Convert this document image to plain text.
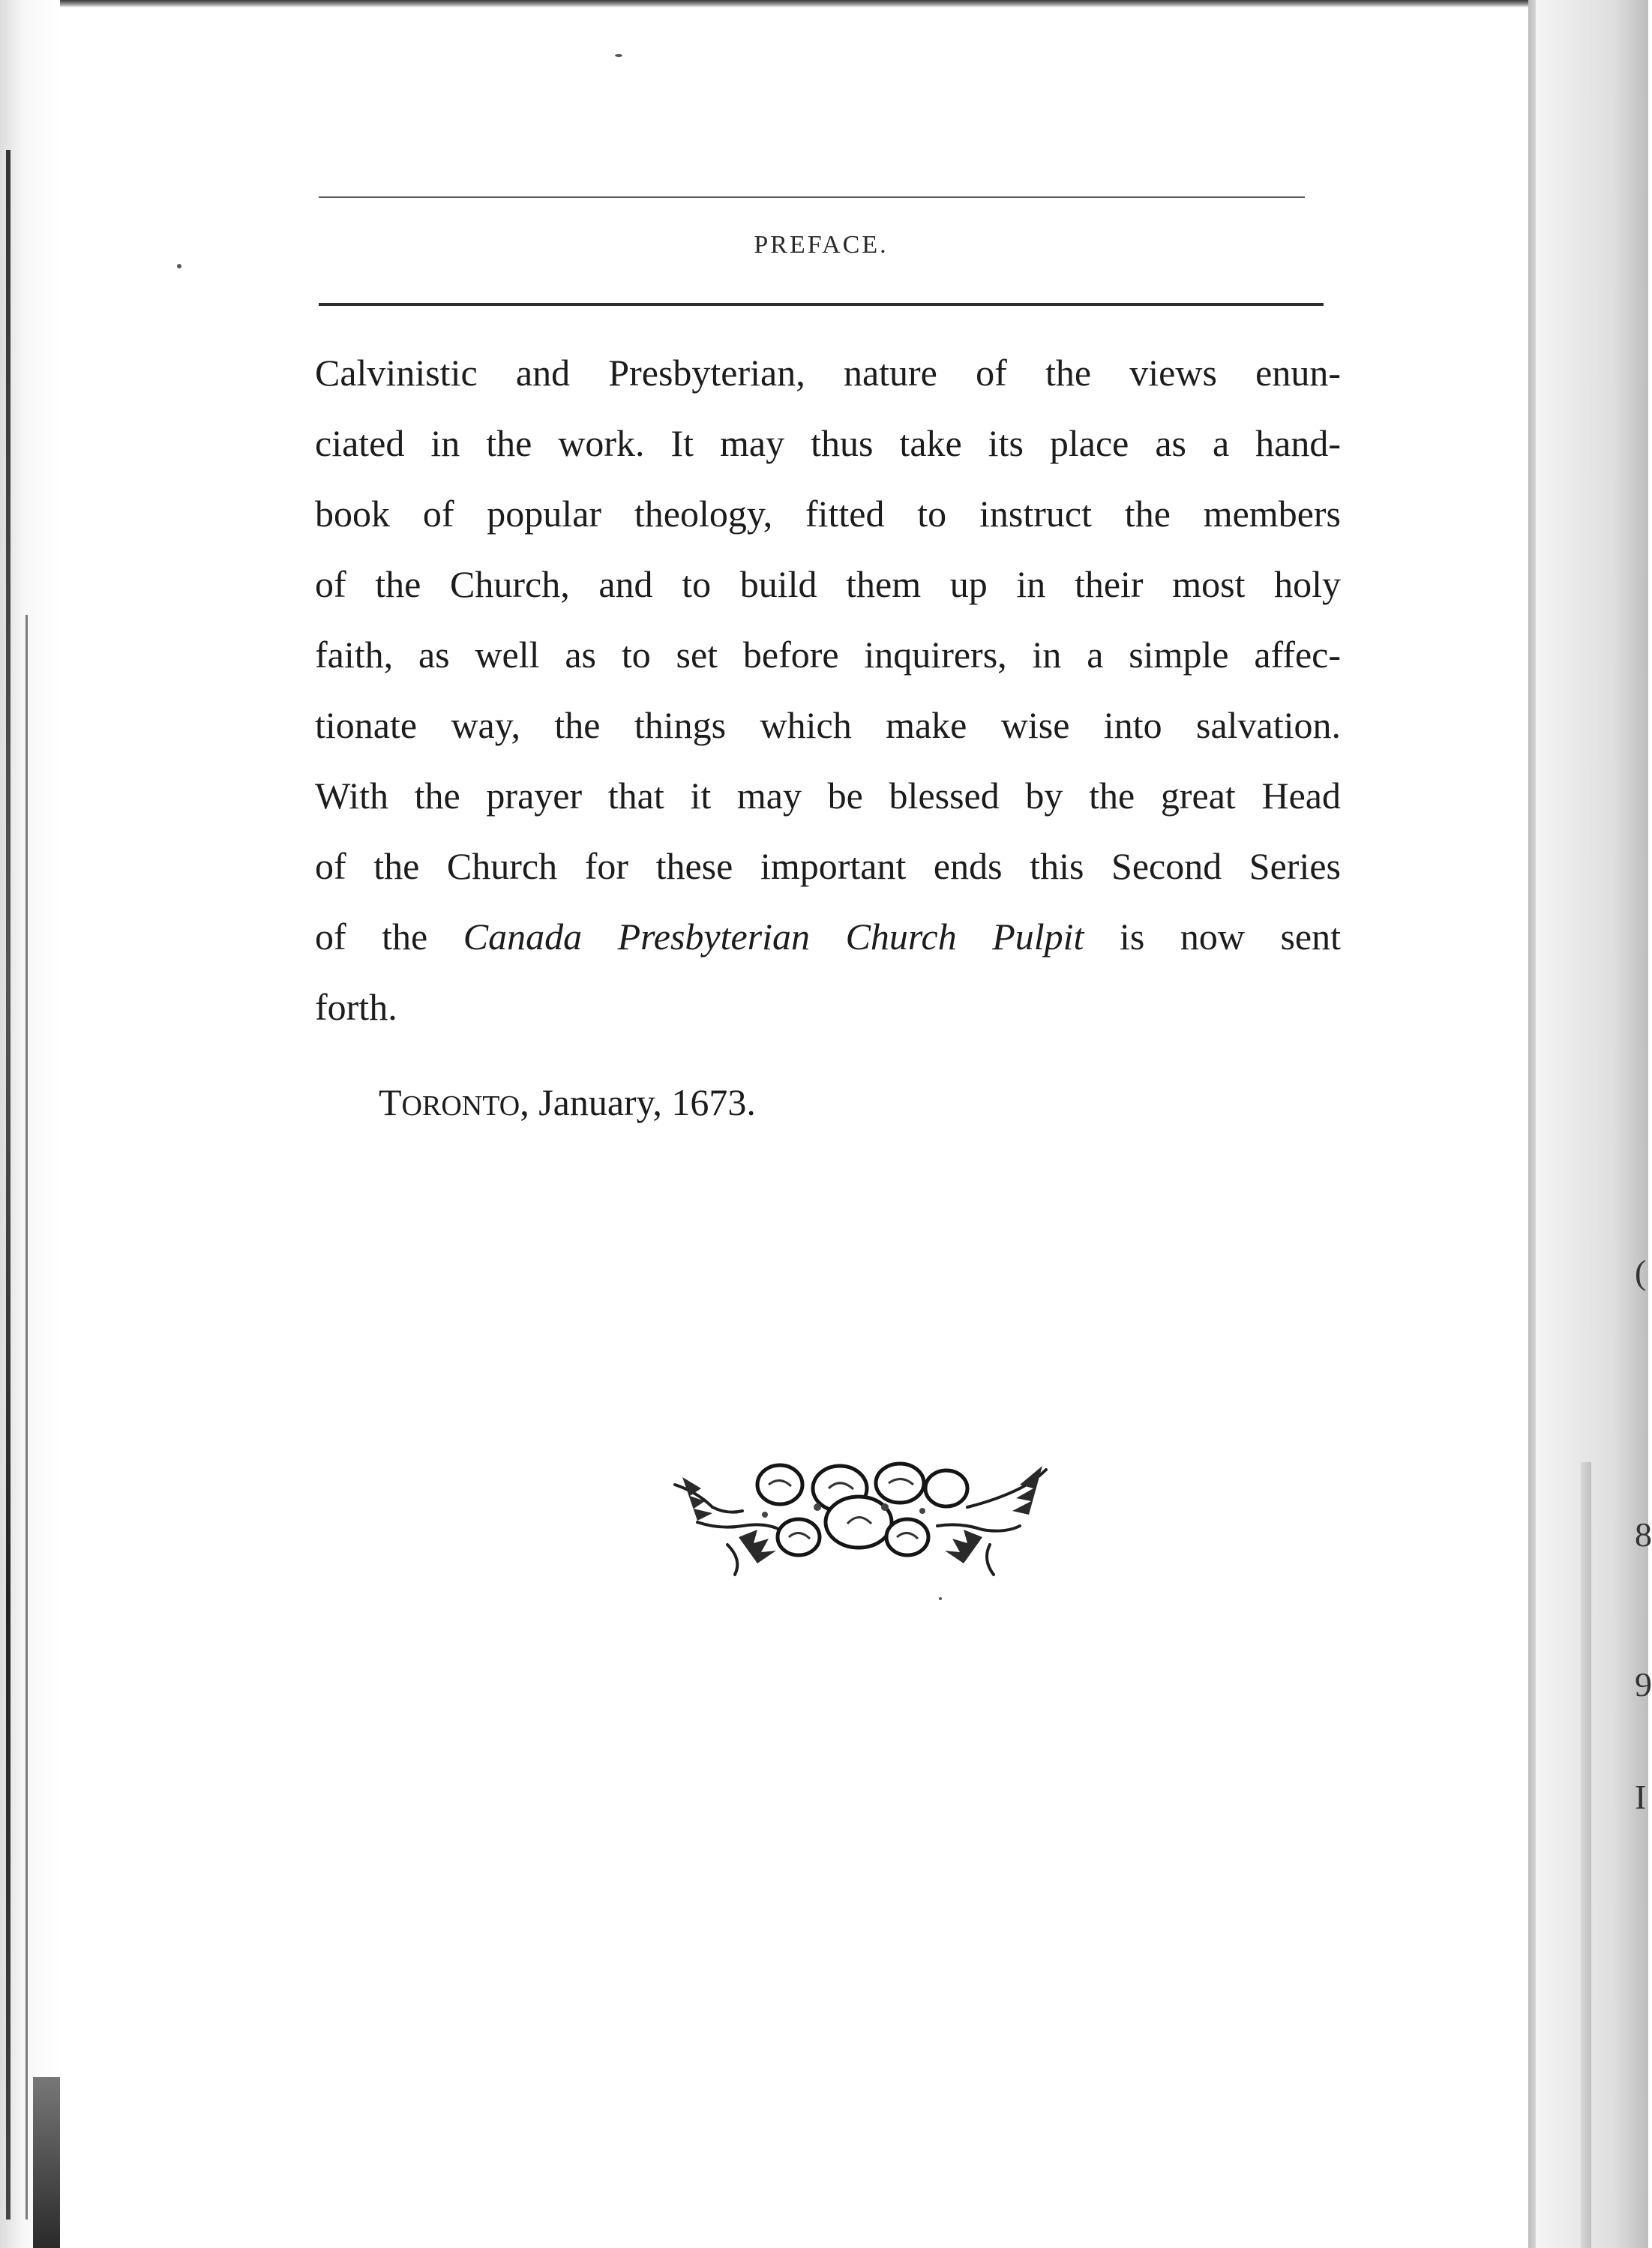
(
8
9
I
PREFACE.
Calvinistic and Presbyterian, nature of the views enun-
ciated in the work. It may thus take its place as a hand-
book of popular theology, fitted to instruct the members
of the Church, and to build them up in their most holy
faith, as well as to set before inquirers, in a simple affec-
tionate way, the things which make wise into salvation.
With the prayer that it may be blessed by the great Head
of the Church for these important ends this Second Series
of the Canada Presbyterian Church Pulpit is now sent
forth.
TORONTO, January, 1673.
